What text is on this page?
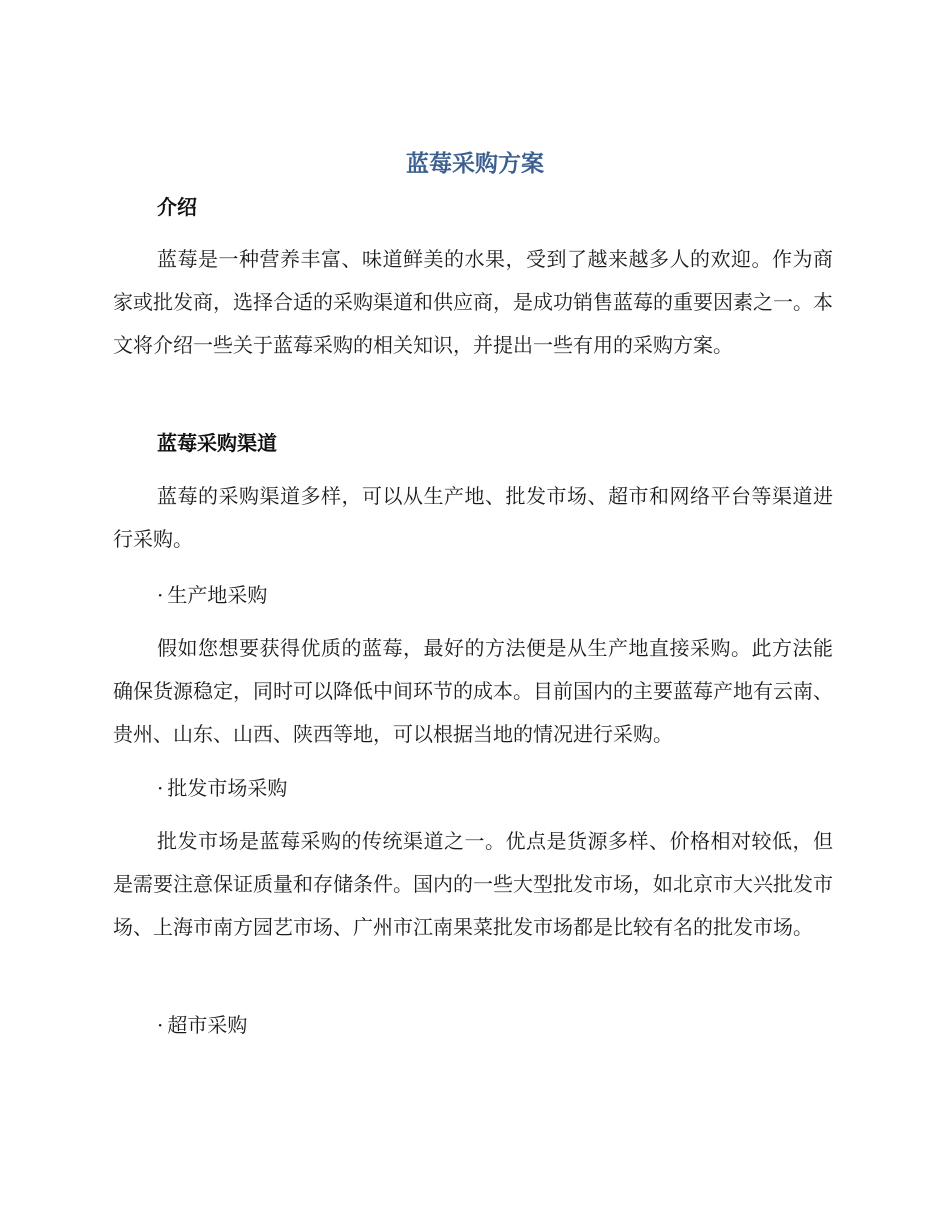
蓝莓采购方案
介绍

蓝莓是一种营养丰富、味道鲜美的水果，受到了越来越多人的欢迎。作为商家或批发商，选择合适的采购渠道和供应商，是成功销售蓝莓的重要因素之一。本文将介绍一些关于蓝莓采购的相关知识，并提出一些有用的采购方案。

蓝莓采购渠道

蓝莓的采购渠道多样，可以从生产地、批发市场、超市和网络平台等渠道进行采购。

· 生产地采购

假如您想要获得优质的蓝莓，最好的方法便是从生产地直接采购。此方法能确保货源稳定，同时可以降低中间环节的成本。目前国内的主要蓝莓产地有云南、贵州、山东、山西、陕西等地，可以根据当地的情况进行采购。

· 批发市场采购

批发市场是蓝莓采购的传统渠道之一。优点是货源多样、价格相对较低，但是需要注意保证质量和存储条件。国内的一些大型批发市场，如北京市大兴批发市场、上海市南方园艺市场、广州市江南果菜批发市场都是比较有名的批发市场。

· 超市采购
